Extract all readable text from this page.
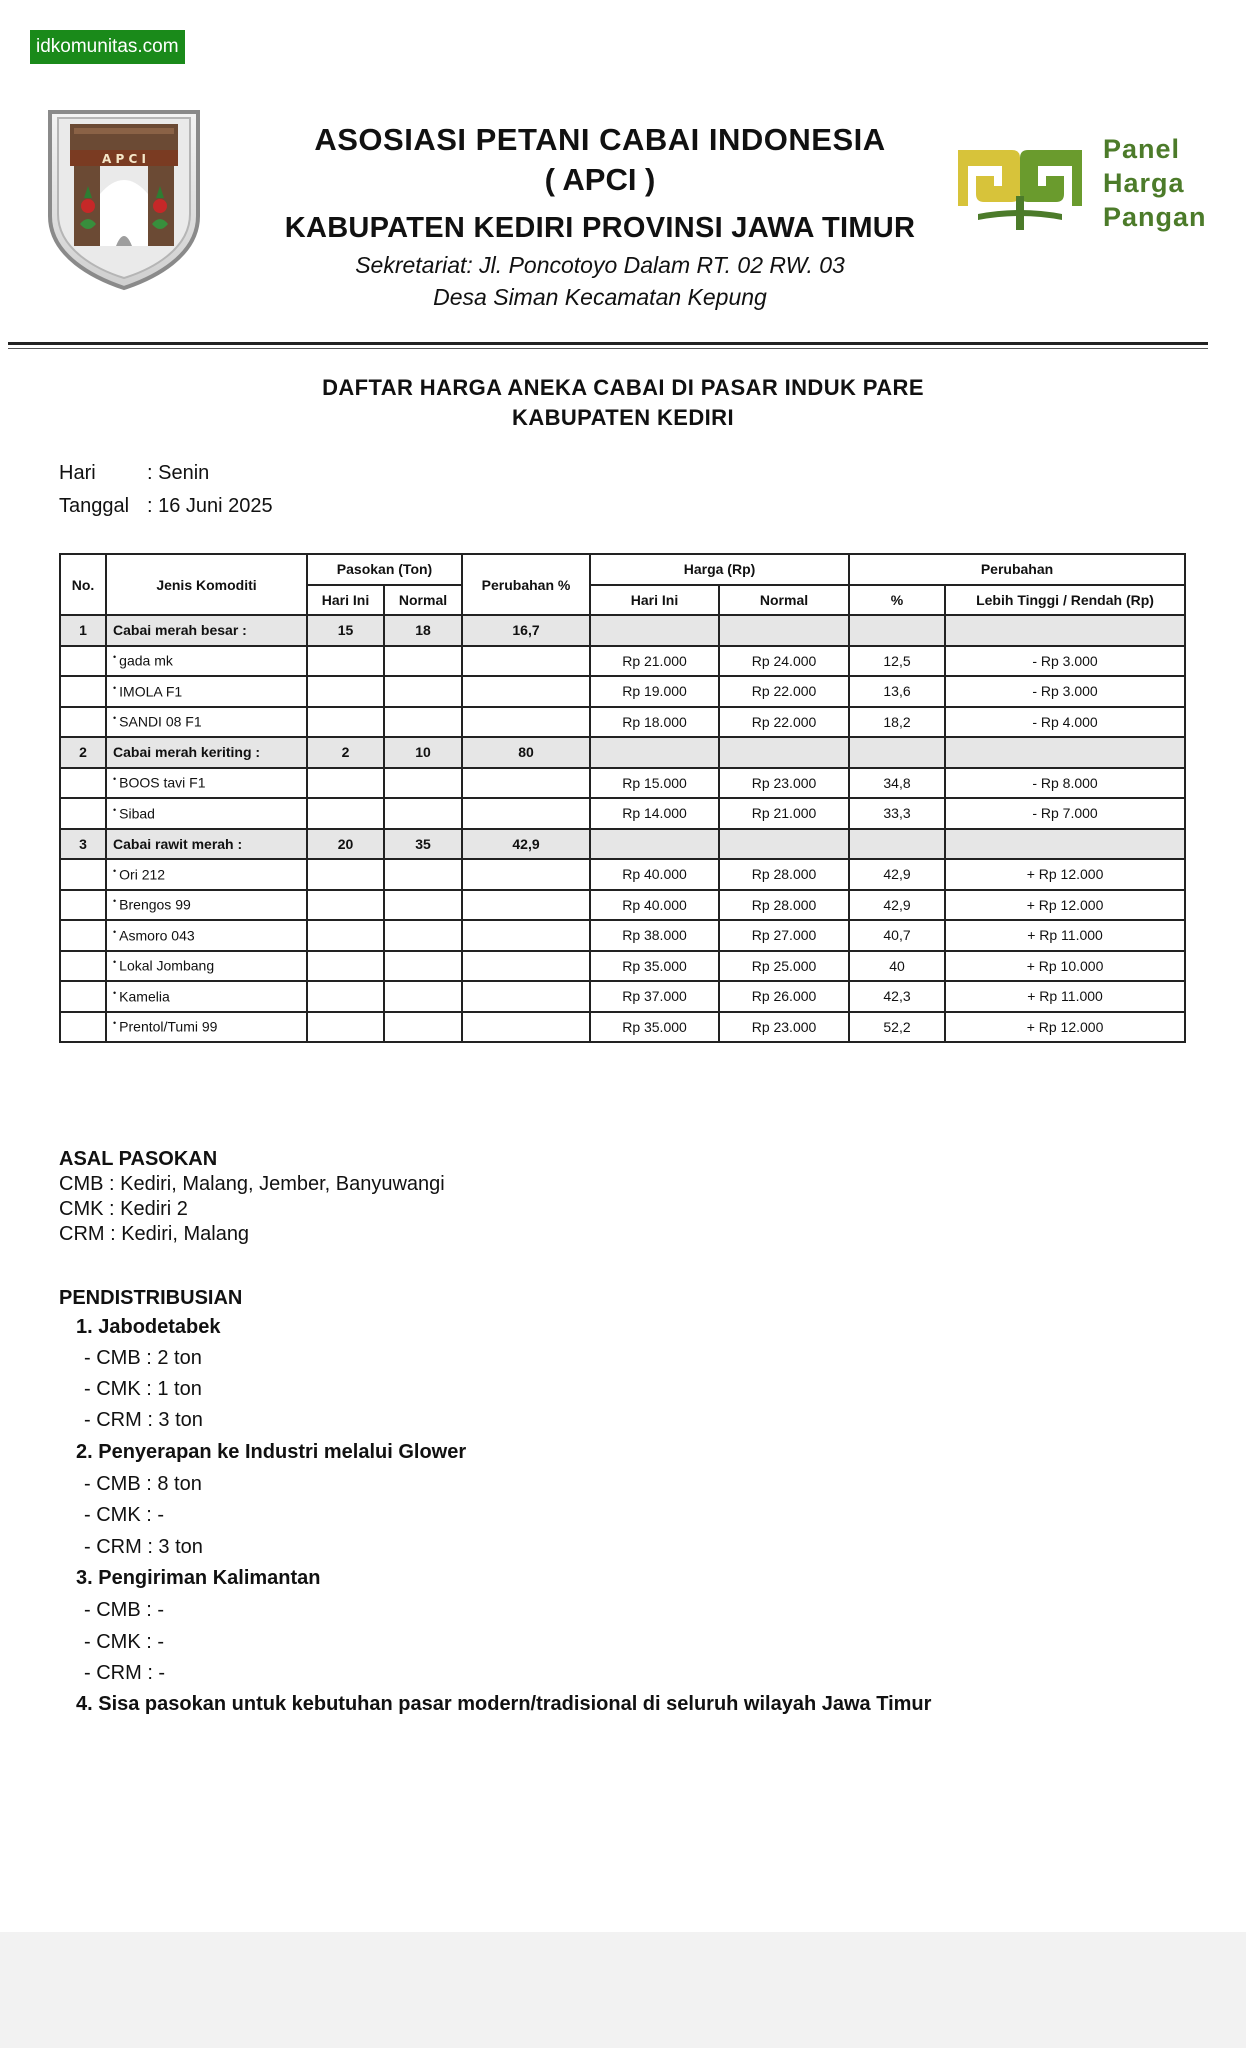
idkomunitas.com
A P C I
ASOSIASI PETANI CABAI INDONESIA
( APCI )
KABUPATEN KEDIRI PROVINSI JAWA TIMUR
Sekretariat: Jl. Poncotoyo Dalam RT. 02 RW. 03
Desa Siman Kecamatan Kepung
Panel
Harga
Pangan
DAFTAR HARGA ANEKA CABAI DI PASAR INDUK PARE
KABUPATEN KEDIRI
Hari	: Senin
Tanggal : 16 Juni 2025
No.	Jenis Komoditi	Pasokan (Ton)		Perubahan %	Harga (Rp)		Perubahan	
		Hari Ini	Normal		Hari Ini	Normal	%	Lebih Tinggi / Rendah (Rp)
1	Cabai merah besar :	15	18	16,7				
	• gada mk				Rp 21.000	Rp 24.000	12,5	- Rp 3.000
	• IMOLA F1				Rp 19.000	Rp 22.000	13,6	- Rp 3.000
	• SANDI 08 F1				Rp 18.000	Rp 22.000	18,2	- Rp 4.000
2	Cabai merah keriting :	2	10	80				
	• BOOS tavi F1				Rp 15.000	Rp 23.000	34,8	- Rp 8.000
	• Sibad				Rp 14.000	Rp 21.000	33,3	- Rp 7.000
3	Cabai rawit merah :	20	35	42,9				
	• Ori 212				Rp 40.000	Rp 28.000	42,9	+ Rp 12.000
	• Brengos 99				Rp 40.000	Rp 28.000	42,9	+ Rp 12.000
	• Asmoro 043				Rp 38.000	Rp 27.000	40,7	+ Rp 11.000
	• Lokal Jombang				Rp 35.000	Rp 25.000	40	+ Rp 10.000
	• Kamelia				Rp 37.000	Rp 26.000	42,3	+ Rp 11.000
	• Prentol/Tumi 99				Rp 35.000	Rp 23.000	52,2	+ Rp 12.000
ASAL PASOKAN
CMB : Kediri, Malang, Jember, Banyuwangi
CMK : Kediri 2
CRM : Kediri, Malang
PENDISTRIBUSIAN
1. Jabodetabek
- CMB : 2 ton
- CMK : 1 ton
- CRM : 3 ton
2. Penyerapan ke Industri melalui Glower
- CMB : 8 ton
- CMK : -
- CRM : 3 ton
3. Pengiriman Kalimantan
- CMB : -
- CMK : -
- CRM : -
4. Sisa pasokan untuk kebutuhan pasar modern/tradisional di seluruh wilayah Jawa Timur
